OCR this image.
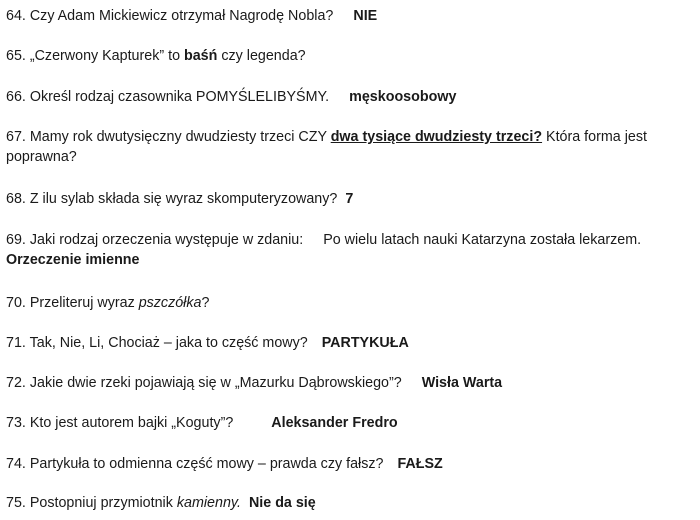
64. Czy Adam Mickiewicz otrzymał Nagrodę Nobla? NIE

65. „Czerwony Kapturek” to baśń czy legenda?

66. Określ rodzaj czasownika POMYŚLELIBYŚMY. męskoosobowy

67. Mamy rok dwutysięczny dwudziesty trzeci CZY dwa tysiące dwudziesty trzeci? Która forma jest poprawna?

68. Z ilu sylab składa się wyraz skomputeryzowany? 7

69. Jaki rodzaj orzeczenia występuje w zdaniu: Po wielu latach nauki Katarzyna została lekarzem.
Orzeczenie imienne

70. Przeliteruj wyraz pszczółka?

71. Tak, Nie, Li, Chociaż – jaka to część mowy? PARTYKUŁA

72. Jakie dwie rzeki pojawiają się w „Mazurku Dąbrowskiego”? Wisła Warta

73. Kto jest autorem bajki „Koguty”?	Aleksander Fredro

74. Partykuła to odmienna część mowy – prawda czy fałsz? FAŁSZ

75. Postopniuj przymiotnik kamienny. Nie da się
